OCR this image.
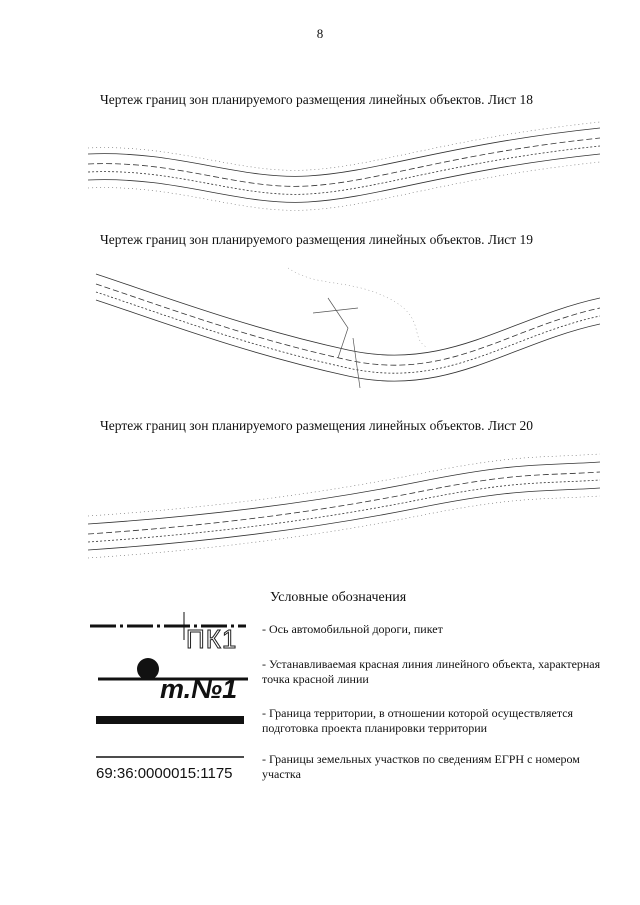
8
Чертеж границ зон планируемого размещения линейных объектов. Лист 18
Чертеж границ зон планируемого размещения линейных объектов. Лист 19
Чертеж границ зон планируемого размещения линейных объектов. Лист 20
Условные обозначения
ПК1 - Ось автомобильной дороги, пикет
т.№1
- Устанавливаемая красная линия линейного объекта, характерная точка красной линии
- Граница территории, в отношении которой осуществляется подготовка проекта планировки территории
69:36:0000015:1175
- Границы земельных участков по сведениям ЕГРН с номером участка
